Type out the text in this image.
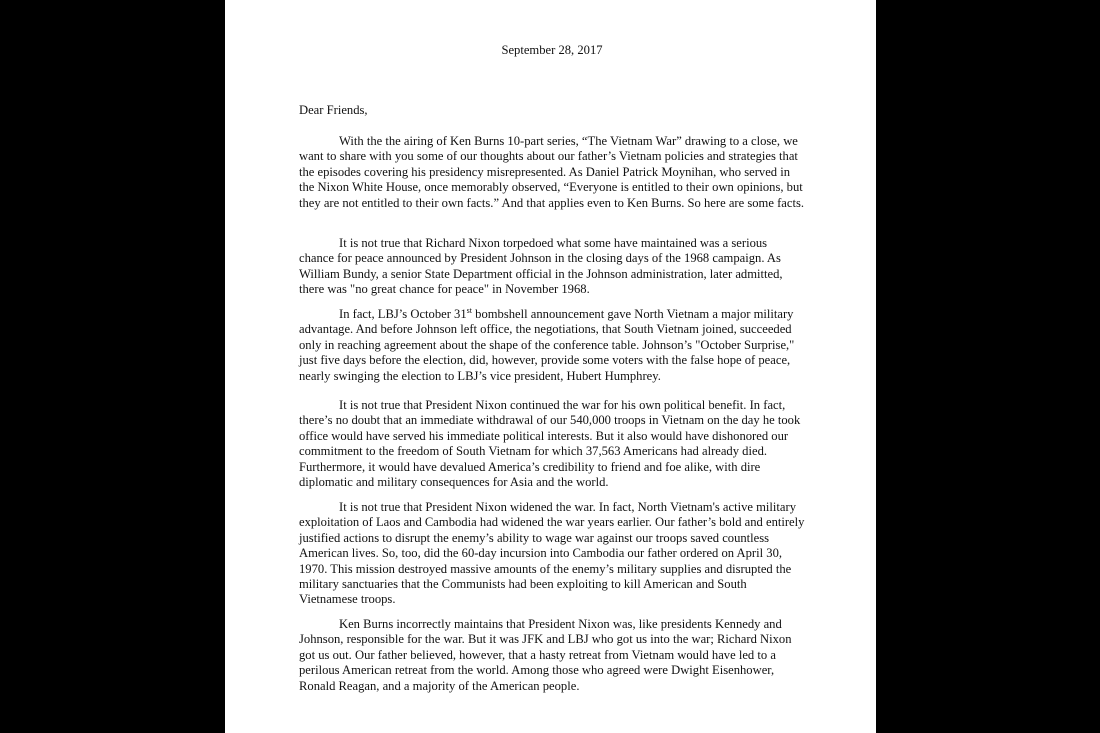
September 28, 2017

Dear Friends,

With the the airing of Ken Burns 10-part series, “The Vietnam War” drawing to a close, we want to share with you some of our thoughts about our father’s Vietnam policies and strategies that the episodes covering his presidency misrepresented. As Daniel Patrick Moynihan, who served in the Nixon White House, once memorably observed, “Everyone is entitled to their own opinions, but they are not entitled to their own facts.” And that applies even to Ken Burns. So here are some facts.

It is not true that Richard Nixon torpedoed what some have maintained was a serious chance for peace announced by President Johnson in the closing days of the 1968 campaign. As William Bundy, a senior State Department official in the Johnson administration, later admitted, there was "no great chance for peace" in November 1968.

In fact, LBJ’s October 31st bombshell announcement gave North Vietnam a major military advantage. And before Johnson left office, the negotiations, that South Vietnam joined, succeeded only in reaching agreement about the shape of the conference table. Johnson’s "October Surprise," just five days before the election, did, however, provide some voters with the false hope of peace, nearly swinging the election to LBJ’s vice president, Hubert Humphrey.

It is not true that President Nixon continued the war for his own political benefit. In fact, there’s no doubt that an immediate withdrawal of our 540,000 troops in Vietnam on the day he took office would have served his immediate political interests. But it also would have dishonored our commitment to the freedom of South Vietnam for which 37,563 Americans had already died. Furthermore, it would have devalued America’s credibility to friend and foe alike, with dire diplomatic and military consequences for Asia and the world.

It is not true that President Nixon widened the war. In fact, North Vietnam's active military exploitation of Laos and Cambodia had widened the war years earlier. Our father’s bold and entirely justified actions to disrupt the enemy’s ability to wage war against our troops saved countless American lives. So, too, did the 60-day incursion into Cambodia our father ordered on April 30, 1970. This mission destroyed massive amounts of the enemy’s military supplies and disrupted the military sanctuaries that the Communists had been exploiting to kill American and South Vietnamese troops.

Ken Burns incorrectly maintains that President Nixon was, like presidents Kennedy and Johnson, responsible for the war. But it was JFK and LBJ who got us into the war; Richard Nixon got us out. Our father believed, however, that a hasty retreat from Vietnam would have led to a perilous American retreat from the world. Among those who agreed were Dwight Eisenhower, Ronald Reagan, and a majority of the American people.
